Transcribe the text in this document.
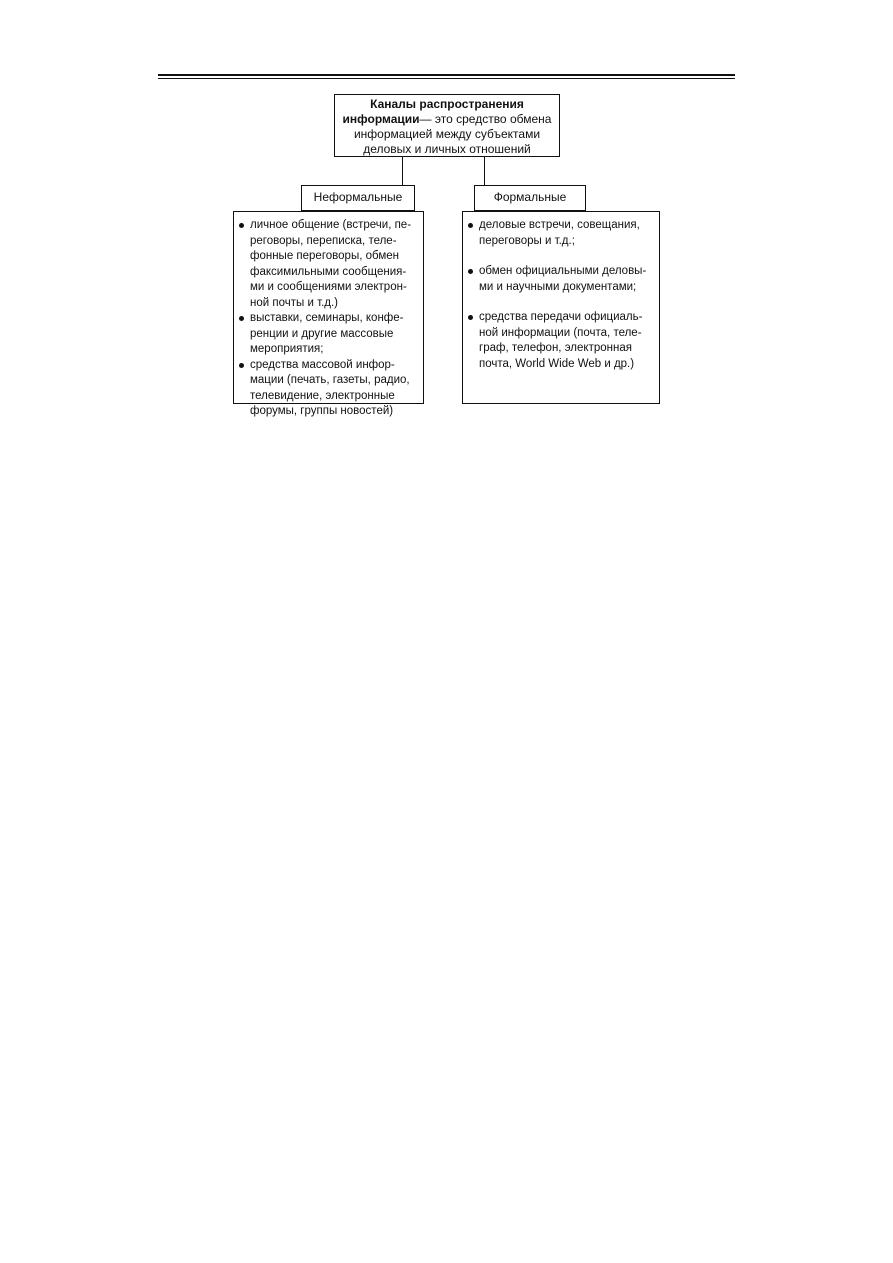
Каналы распространения
информации— это средство обмена
информацией между субъектами
деловых и личных отношений
Неформальные	Формальные
личное общение (встречи, пе-
реговоры, переписка, теле-
фонные переговоры, обмен
факсимильными сообщения-
ми и сообщениями электрон-
ной почты и т.д.)
выставки, семинары, конфе-
ренции и другие массовые
мероприятия;
средства массовой инфор-
мации (печать, газеты, радио,
телевидение, электронные
форумы, группы новостей)
деловые встречи, совещания,
переговоры и т.д.;
обмен официальными деловы-
ми и научными документами;
средства передачи официаль-
ной информации (почта, теле-
граф, телефон, электронная
почта, World Wide Web и др.)
